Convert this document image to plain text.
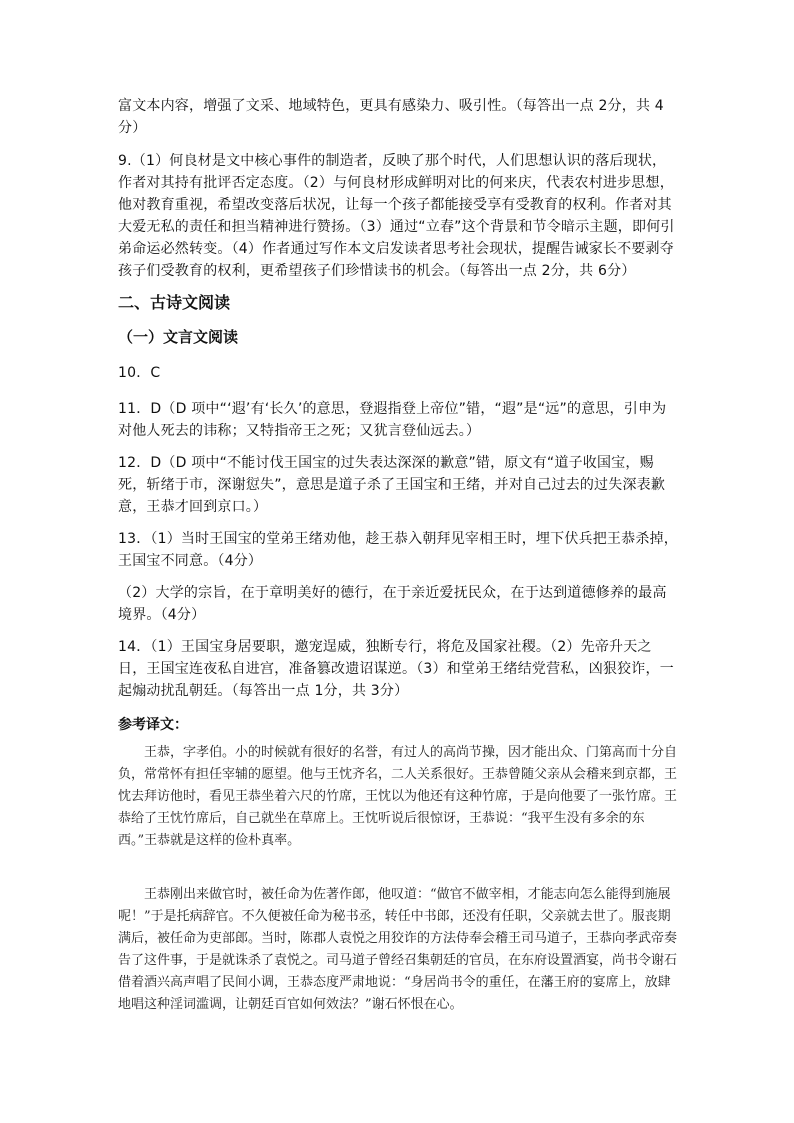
富文本内容，增强了文采、地域特色，更具有感染力、吸引性。（每答出一点 2分，共 4分）

9.（1）何良材是文中核心事件的制造者，反映了那个时代，人们思想认识的落后现状，作者对其持有批评否定态度。（2）与何良材形成鲜明对比的何来庆，代表农村进步思想，他对教育重视，希望改变落后状况，让每一个孩子都能接受享有受教育的权利。作者对其大爱无私的责任和担当精神进行赞扬。（3）通过“立春”这个背景和节令暗示主题，即何引弟命运必然转变。（4）作者通过写作本文启发读者思考社会现状，提醒告诫家长不要剥夺孩子们受教育的权利，更希望孩子们珍惜读书的机会。（每答出一点 2分，共 6分）

二、古诗文阅读
（一）文言文阅读

10．C

11．D（D 项中“‘遐’有‘长久’的意思，登遐指登上帝位”错，“遐”是“远”的意思，引申为对他人死去的讳称；又特指帝王之死；又犹言登仙远去。）

12．D（D 项中“不能讨伐王国宝的过失表达深深的歉意”错，原文有“道子收国宝，赐死，斩绪于市，深谢愆失”，意思是道子杀了王国宝和王绪，并对自己过去的过失深表歉意，王恭才回到京口。）

13．（1）当时王国宝的堂弟王绪劝他，趁王恭入朝拜见宰相王时，埋下伏兵把王恭杀掉，王国宝不同意。（4分）

（2）大学的宗旨，在于章明美好的德行，在于亲近爱抚民众，在于达到道德修养的最高境界。（4分）

14．（1）王国宝身居要职，邀宠逞威，独断专行，将危及国家社稷。（2）先帝升天之日，王国宝连夜私自进宫，准备篡改遗诏谋逆。（3）和堂弟王绪结党营私，凶狠狡诈，一起煽动扰乱朝廷。（每答出一点 1分，共 3分）

参考译文：

王恭，字孝伯。小的时候就有很好的名誉，有过人的高尚节操，因才能出众、门第高而十分自负，常常怀有担任宰辅的愿望。他与王忱齐名，二人关系很好。王恭曾随父亲从会稽来到京都，王忱去拜访他时，看见王恭坐着六尺的竹席，王忱以为他还有这种竹席，于是向他要了一张竹席。王恭给了王忱竹席后，自己就坐在草席上。王忱听说后很惊讶，王恭说：“我平生没有多余的东西。”王恭就是这样的俭朴真率。

王恭刚出来做官时，被任命为佐著作郎，他叹道：“做官不做宰相，才能志向怎么能得到施展呢！”于是托病辞官。不久便被任命为秘书丞，转任中书郎，还没有任职，父亲就去世了。服丧期满后，被任命为吏部郎。当时，陈郡人袁悦之用狡诈的方法侍奉会稽王司马道子，王恭向孝武帝奏告了这件事，于是就诛杀了袁悦之。司马道子曾经召集朝廷的官员，在东府设置酒宴，尚书令谢石借着酒兴高声唱了民间小调，王恭态度严肃地说：“身居尚书令的重任，在藩王府的宴席上，放肆地唱这种淫词滥调，让朝廷百官如何效法？”谢石怀恨在心。
